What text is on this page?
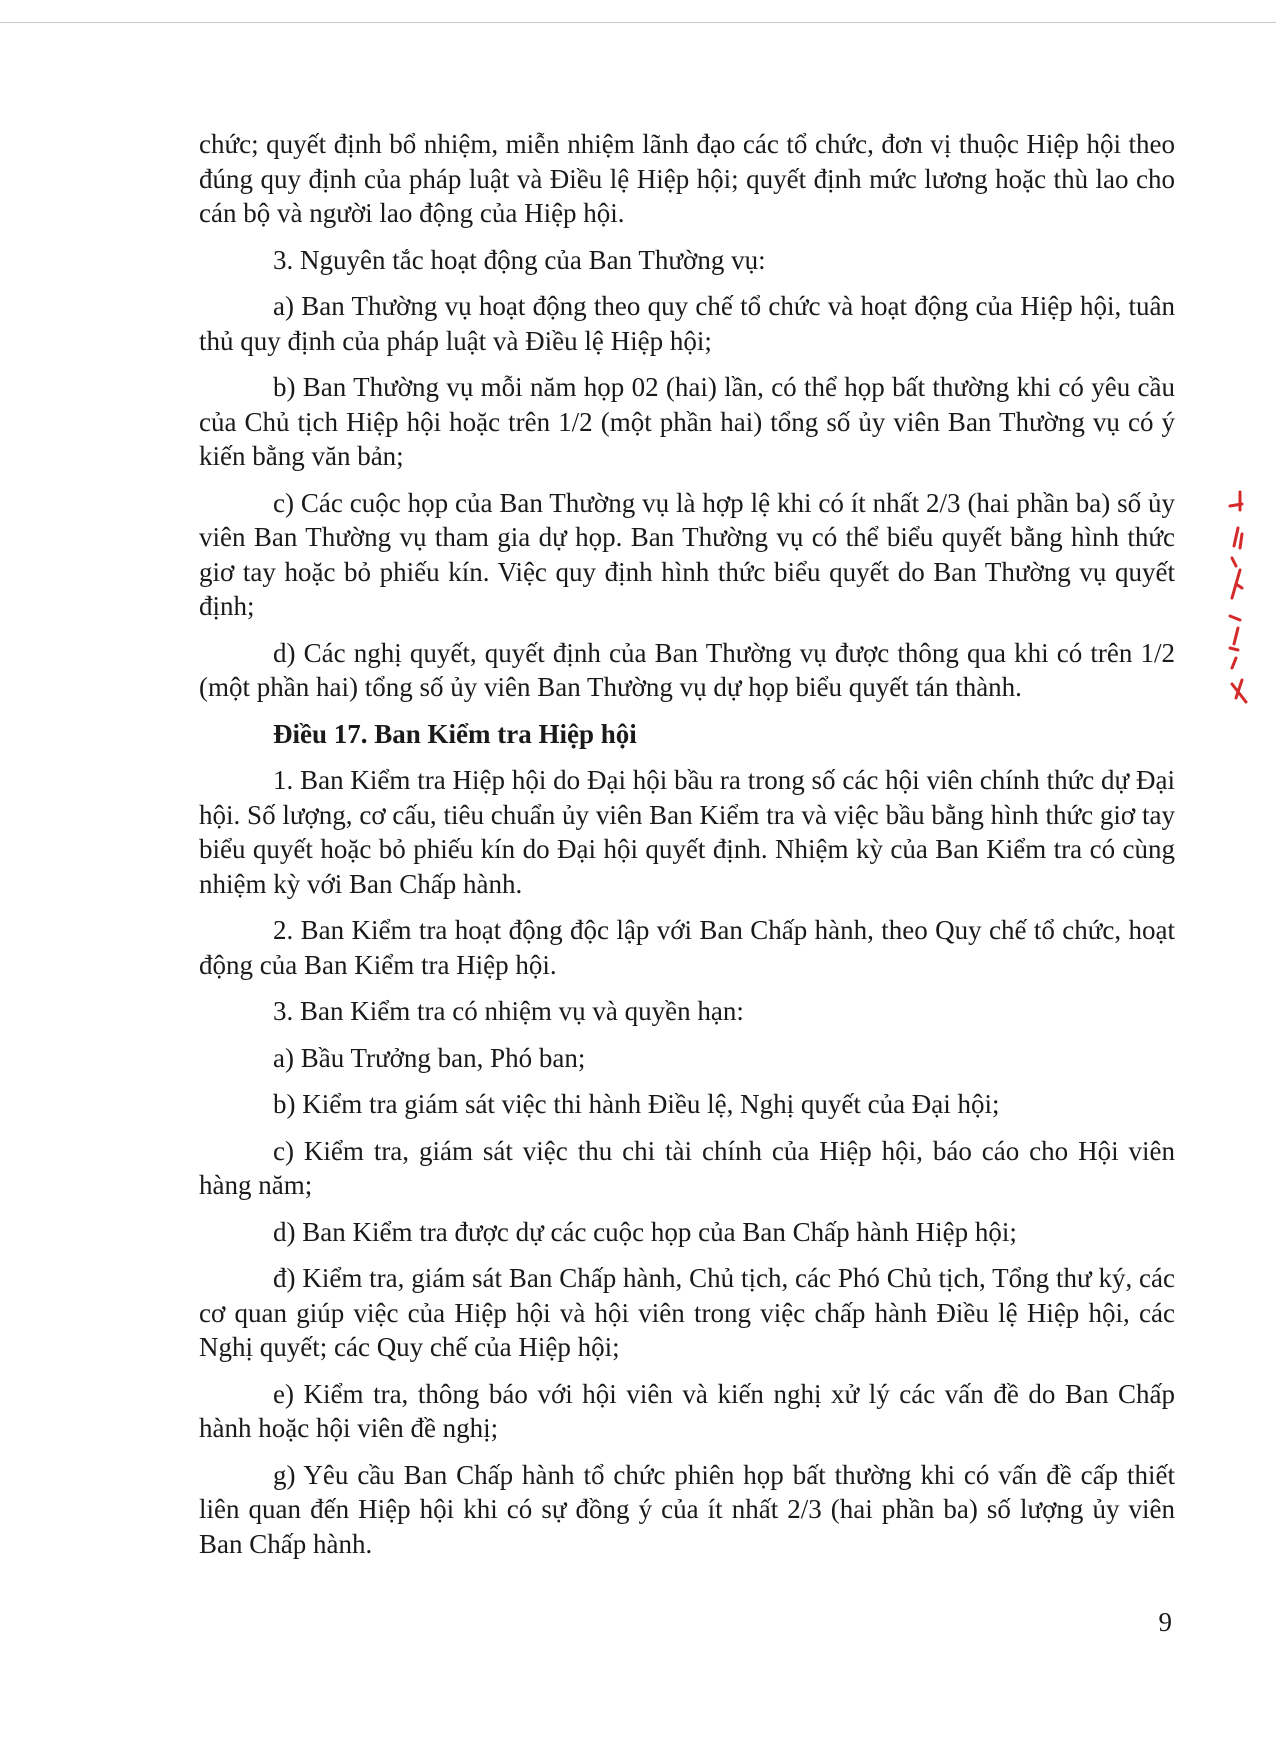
chức; quyết định bổ nhiệm, miễn nhiệm lãnh đạo các tổ chức, đơn vị thuộc Hiệp hội theo đúng quy định của pháp luật và Điều lệ Hiệp hội; quyết định mức lương hoặc thù lao cho cán bộ và người lao động của Hiệp hội.

3. Nguyên tắc hoạt động của Ban Thường vụ:

a) Ban Thường vụ hoạt động theo quy chế tổ chức và hoạt động của Hiệp hội, tuân thủ quy định của pháp luật và Điều lệ Hiệp hội;

b) Ban Thường vụ mỗi năm họp 02 (hai) lần, có thể họp bất thường khi có yêu cầu của Chủ tịch Hiệp hội hoặc trên 1/2 (một phần hai) tổng số ủy viên Ban Thường vụ có ý kiến bằng văn bản;

c) Các cuộc họp của Ban Thường vụ là hợp lệ khi có ít nhất 2/3 (hai phần ba) số ủy viên Ban Thường vụ tham gia dự họp. Ban Thường vụ có thể biểu quyết bằng hình thức giơ tay hoặc bỏ phiếu kín. Việc quy định hình thức biểu quyết do Ban Thường vụ quyết định;

d) Các nghị quyết, quyết định của Ban Thường vụ được thông qua khi có trên 1/2 (một phần hai) tổng số ủy viên Ban Thường vụ dự họp biểu quyết tán thành.

Điều 17. Ban Kiểm tra Hiệp hội

1. Ban Kiểm tra Hiệp hội do Đại hội bầu ra trong số các hội viên chính thức dự Đại hội. Số lượng, cơ cấu, tiêu chuẩn ủy viên Ban Kiểm tra và việc bầu bằng hình thức giơ tay biểu quyết hoặc bỏ phiếu kín do Đại hội quyết định. Nhiệm kỳ của Ban Kiểm tra có cùng nhiệm kỳ với Ban Chấp hành.

2. Ban Kiểm tra hoạt động độc lập với Ban Chấp hành, theo Quy chế tổ chức, hoạt động của Ban Kiểm tra Hiệp hội.

3. Ban Kiểm tra có nhiệm vụ và quyền hạn:

a) Bầu Trưởng ban, Phó ban;

b) Kiểm tra giám sát việc thi hành Điều lệ, Nghị quyết của Đại hội;

c) Kiểm tra, giám sát việc thu chi tài chính của Hiệp hội, báo cáo cho Hội viên hàng năm;

d) Ban Kiểm tra được dự các cuộc họp của Ban Chấp hành Hiệp hội;

đ) Kiểm tra, giám sát Ban Chấp hành, Chủ tịch, các Phó Chủ tịch, Tổng thư ký, các cơ quan giúp việc của Hiệp hội và hội viên trong việc chấp hành Điều lệ Hiệp hội, các Nghị quyết; các Quy chế của Hiệp hội;

e) Kiểm tra, thông báo với hội viên và kiến nghị xử lý các vấn đề do Ban Chấp hành hoặc hội viên đề nghị;

g) Yêu cầu Ban Chấp hành tổ chức phiên họp bất thường khi có vấn đề cấp thiết liên quan đến Hiệp hội khi có sự đồng ý của ít nhất 2/3 (hai phần ba) số lượng ủy viên Ban Chấp hành.

9
